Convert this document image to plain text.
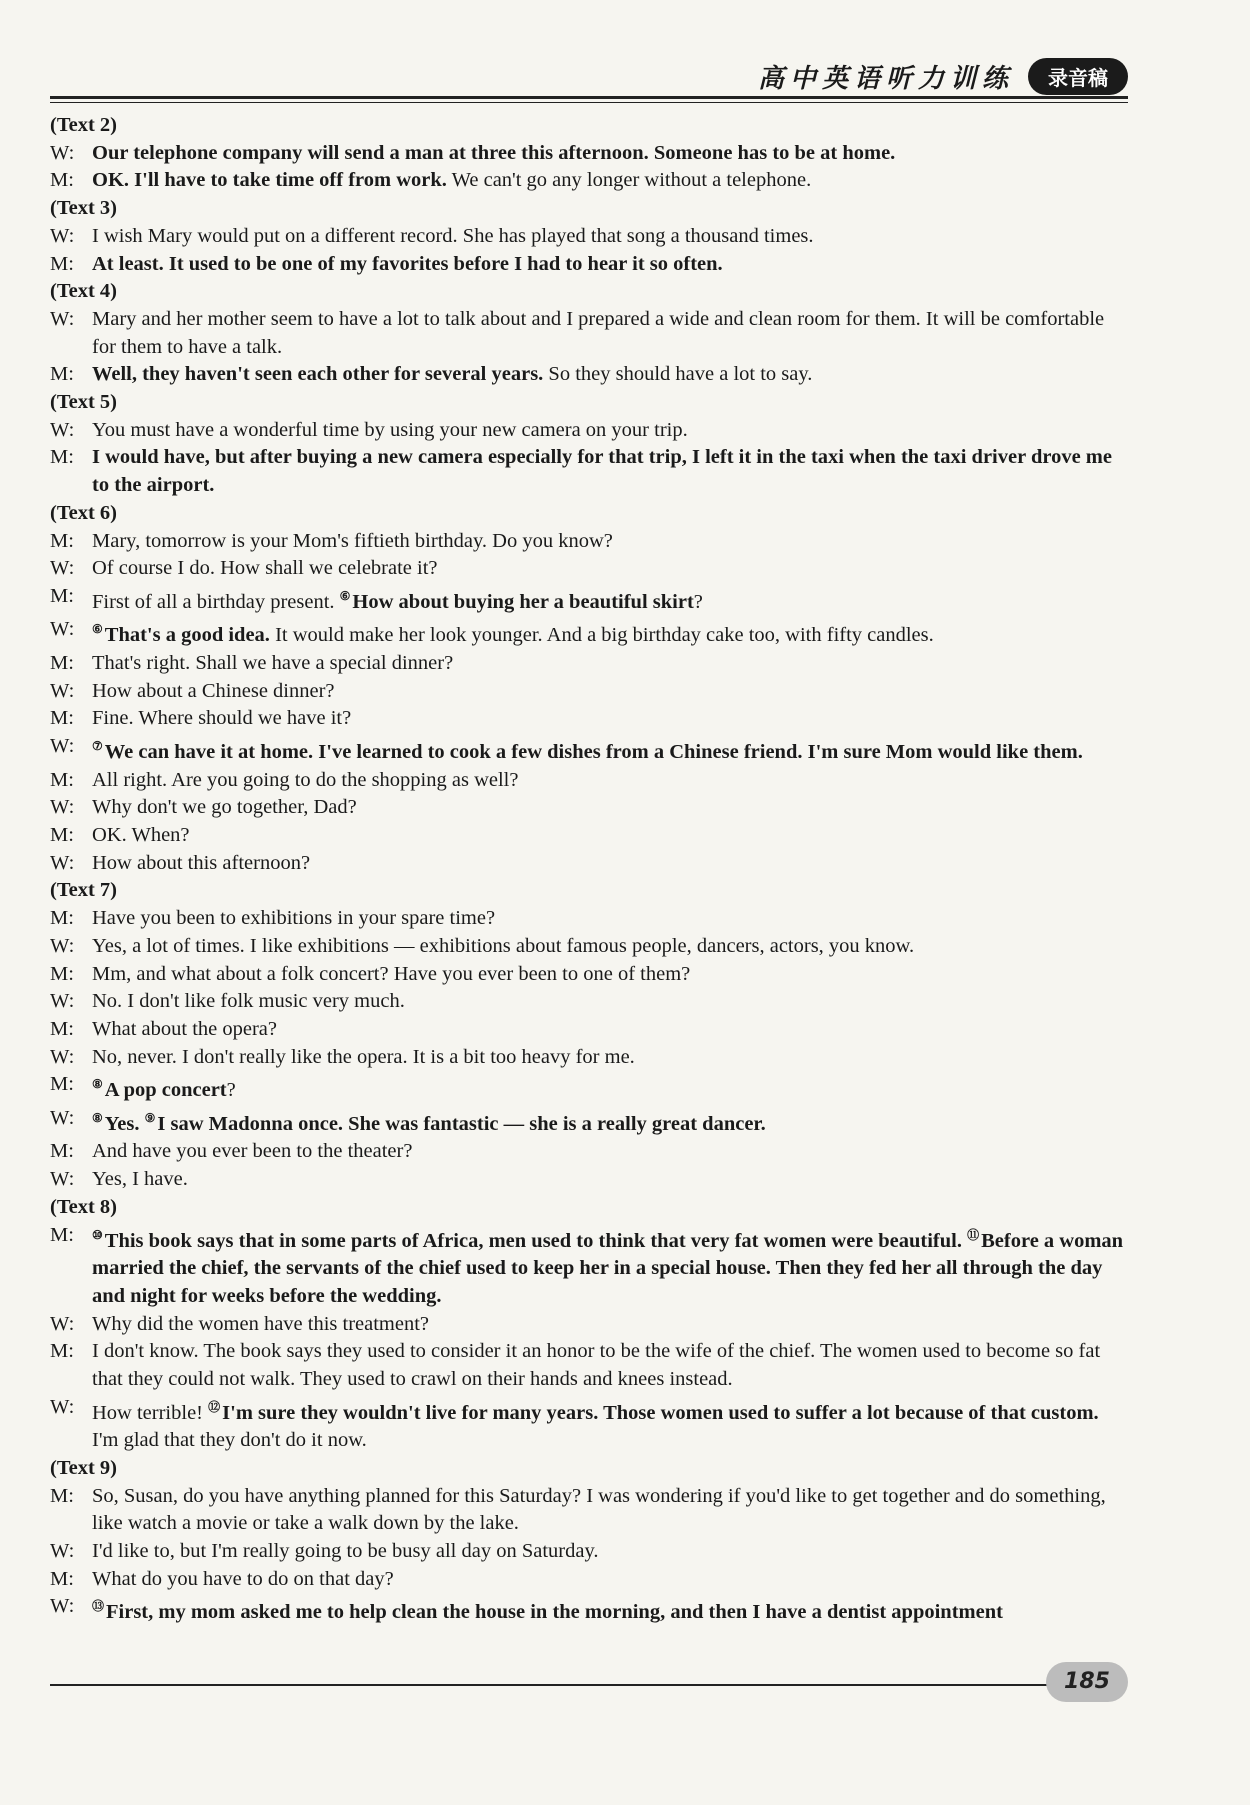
高中英语听力训练	录音稿
(Text 2)
W: Our telephone company will send a man at three this afternoon. Someone has to be at home.
M: OK. I'll have to take time off from work. We can't go any longer without a telephone.
(Text 3)
W: I wish Mary would put on a different record. She has played that song a thousand times.
M: At least. It used to be one of my favorites before I had to hear it so often.
(Text 4)
W: Mary and her mother seem to have a lot to talk about and I prepared a wide and clean room for them. It will be comfortable for them to have a talk.
M: Well, they haven't seen each other for several years. So they should have a lot to say.
(Text 5)
W: You must have a wonderful time by using your new camera on your trip.
M: I would have, but after buying a new camera especially for that trip, I left it in the taxi when the taxi driver drove me to the airport.
(Text 6)
M: Mary, tomorrow is your Mom's fiftieth birthday. Do you know?
W: Of course I do. How shall we celebrate it?
M: First of all a birthday present. ⑥How about buying her a beautiful skirt?
W: ⑥That's a good idea. It would make her look younger. And a big birthday cake too, with fifty candles.
M: That's right. Shall we have a special dinner?
W: How about a Chinese dinner?
M: Fine. Where should we have it?
W: ⑦We can have it at home. I've learned to cook a few dishes from a Chinese friend. I'm sure Mom would like them.
M: All right. Are you going to do the shopping as well?
W: Why don't we go together, Dad?
M: OK. When?
W: How about this afternoon?
(Text 7)
M: Have you been to exhibitions in your spare time?
W: Yes, a lot of times. I like exhibitions — exhibitions about famous people, dancers, actors, you know.
M: Mm, and what about a folk concert? Have you ever been to one of them?
W: No. I don't like folk music very much.
M: What about the opera?
W: No, never. I don't really like the opera. It is a bit too heavy for me.
M: ⑧A pop concert?
W: ⑧Yes. ⑨I saw Madonna once. She was fantastic — she is a really great dancer.
M: And have you ever been to the theater?
W: Yes, I have.
(Text 8)
M: ⑩This book says that in some parts of Africa, men used to think that very fat women were beautiful. ⑪Before a woman married the chief, the servants of the chief used to keep her in a special house. Then they fed her all through the day and night for weeks before the wedding.
W: Why did the women have this treatment?
M: I don't know. The book says they used to consider it an honor to be the wife of the chief. The women used to become so fat that they could not walk. They used to crawl on their hands and knees instead.
W: How terrible! ⑫I'm sure they wouldn't live for many years. Those women used to suffer a lot because of that custom. I'm glad that they don't do it now.
(Text 9)
M: So, Susan, do you have anything planned for this Saturday? I was wondering if you'd like to get together and do something, like watch a movie or take a walk down by the lake.
W: I'd like to, but I'm really going to be busy all day on Saturday.
M: What do you have to do on that day?
W: ⑬First, my mom asked me to help clean the house in the morning, and then I have a dentist appointment
185
